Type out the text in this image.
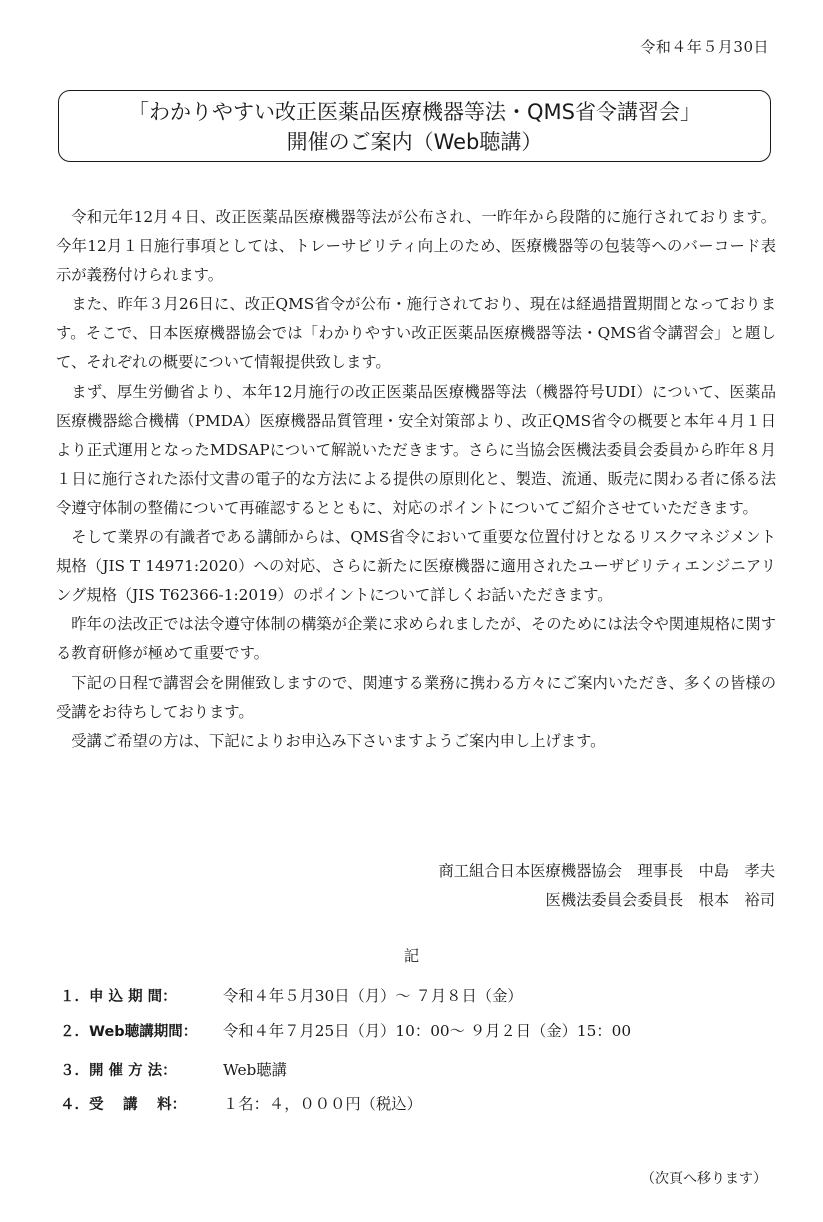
令和４年５月30日
「わかりやすい改正医薬品医療機器等法・QMS省令講習会」
開催のご案内（Web聴講）

令和元年12月４日、改正医薬品医療機器等法が公布され、一昨年から段階的に施行されております。今年12月１日施行事項としては、トレーサビリティ向上のため、医療機器等の包装等へのバーコード表示が義務付けられます。

また、昨年３月26日に、改正QMS省令が公布・施行されており、現在は経過措置期間となっております。そこで、日本医療機器協会では「わかりやすい改正医薬品医療機器等法・QMS省令講習会」と題して、それぞれの概要について情報提供致します。

まず、厚生労働省より、本年12月施行の改正医薬品医療機器等法（機器符号UDI）について、医薬品医療機器総合機構（PMDA）医療機器品質管理・安全対策部より、改正QMS省令の概要と本年４月１日より正式運用となったMDSAPについて解説いただきます。さらに当協会医機法委員会委員から昨年８月１日に施行された添付文書の電子的な方法による提供の原則化と、製造、流通、販売に関わる者に係る法令遵守体制の整備について再確認するとともに、対応のポイントについてご紹介させていただきます。

そして業界の有識者である講師からは、QMS省令において重要な位置付けとなるリスクマネジメント規格（JIS T 14971:2020）への対応、さらに新たに医療機器に適用されたユーザビリティエンジニアリング規格（JIS T62366-1:2019）のポイントについて詳しくお話いただきます。

昨年の法改正では法令遵守体制の構築が企業に求められましたが、そのためには法令や関連規格に関する教育研修が極めて重要です。

下記の日程で講習会を開催致しますので、関連する業務に携わる方々にご案内いただき、多くの皆様の受講をお待ちしております。

受講ご希望の方は、下記によりお申込み下さいますようご案内申し上げます。

商工組合日本医療機器協会　理事長　中島　孝夫
医機法委員会委員長　根本　裕司
記
１．申 込 期 間：	令和４年５月30日（月）～ ７月８日（金）
２．Web聴講期間： 令和４年７月25日（月）10：00～ ９月２日（金）15：00
３．開 催 方 法：	Web聴講
４．受　 講　 料： １名：４，０００円（税込）
（次頁へ移ります）
